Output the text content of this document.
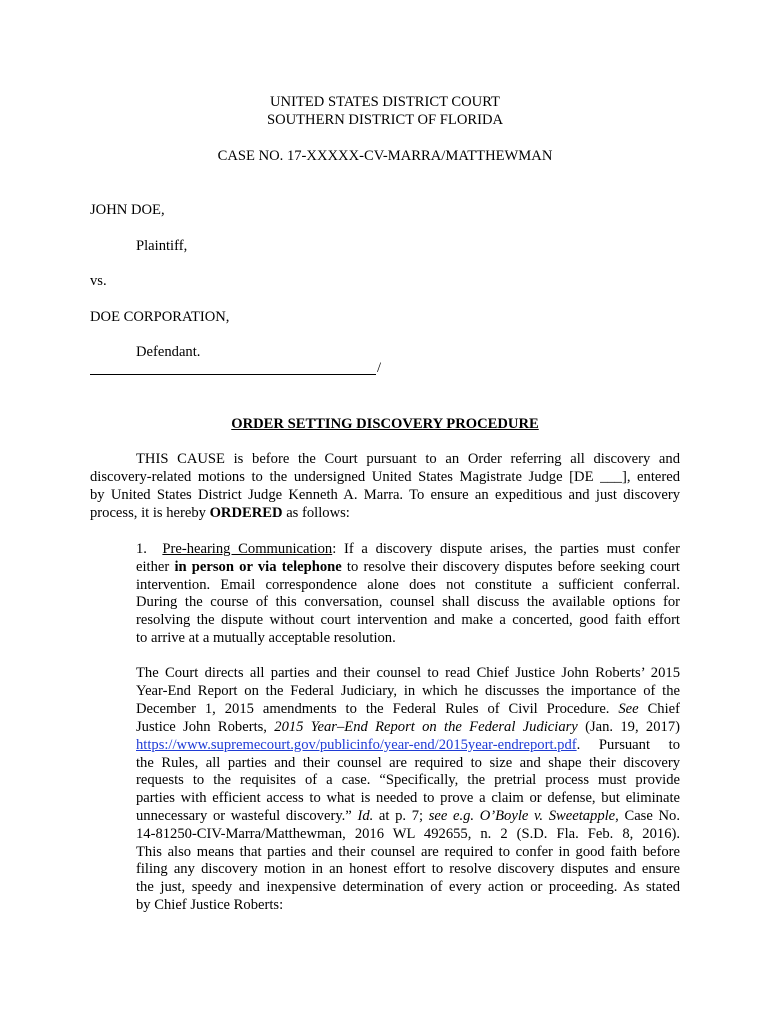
UNITED STATES DISTRICT COURT
SOUTHERN DISTRICT OF FLORIDA
CASE NO. 17-XXXXX-CV-MARRA/MATTHEWMAN
JOHN DOE,
Plaintiff,
vs.
DOE CORPORATION,
Defendant.
/
ORDER SETTING DISCOVERY PROCEDURE
THIS CAUSE is before the Court pursuant to an Order referring all discovery and
discovery-related motions to the undersigned United States Magistrate Judge [DE ___], entered
by United States District Judge Kenneth A. Marra. To ensure an expeditious and just discovery
process, it is hereby ORDERED as follows:
1. Pre-hearing Communication: If a discovery dispute arises, the parties must confer
either in person or via telephone to resolve their discovery disputes before seeking court
intervention. Email correspondence alone does not constitute a sufficient conferral.
During the course of this conversation, counsel shall discuss the available options for
resolving the dispute without court intervention and make a concerted, good faith effort
to arrive at a mutually acceptable resolution.
The Court directs all parties and their counsel to read Chief Justice John Roberts’ 2015
Year-End Report on the Federal Judiciary, in which he discusses the importance of the
December 1, 2015 amendments to the Federal Rules of Civil Procedure. See Chief
Justice John Roberts, 2015 Year–End Report on the Federal Judiciary (Jan. 19, 2017)
https://www.supremecourt.gov/publicinfo/year-end/2015year-endreport.pdf. Pursuant to
the Rules, all parties and their counsel are required to size and shape their discovery
requests to the requisites of a case. “Specifically, the pretrial process must provide
parties with efficient access to what is needed to prove a claim or defense, but eliminate
unnecessary or wasteful discovery.” Id. at p. 7; see e.g. O’Boyle v. Sweetapple, Case No.
14-81250-CIV-Marra/Matthewman, 2016 WL 492655, n. 2 (S.D. Fla. Feb. 8, 2016).
This also means that parties and their counsel are required to confer in good faith before
filing any discovery motion in an honest effort to resolve discovery disputes and ensure
the just, speedy and inexpensive determination of every action or proceeding. As stated
by Chief Justice Roberts:
